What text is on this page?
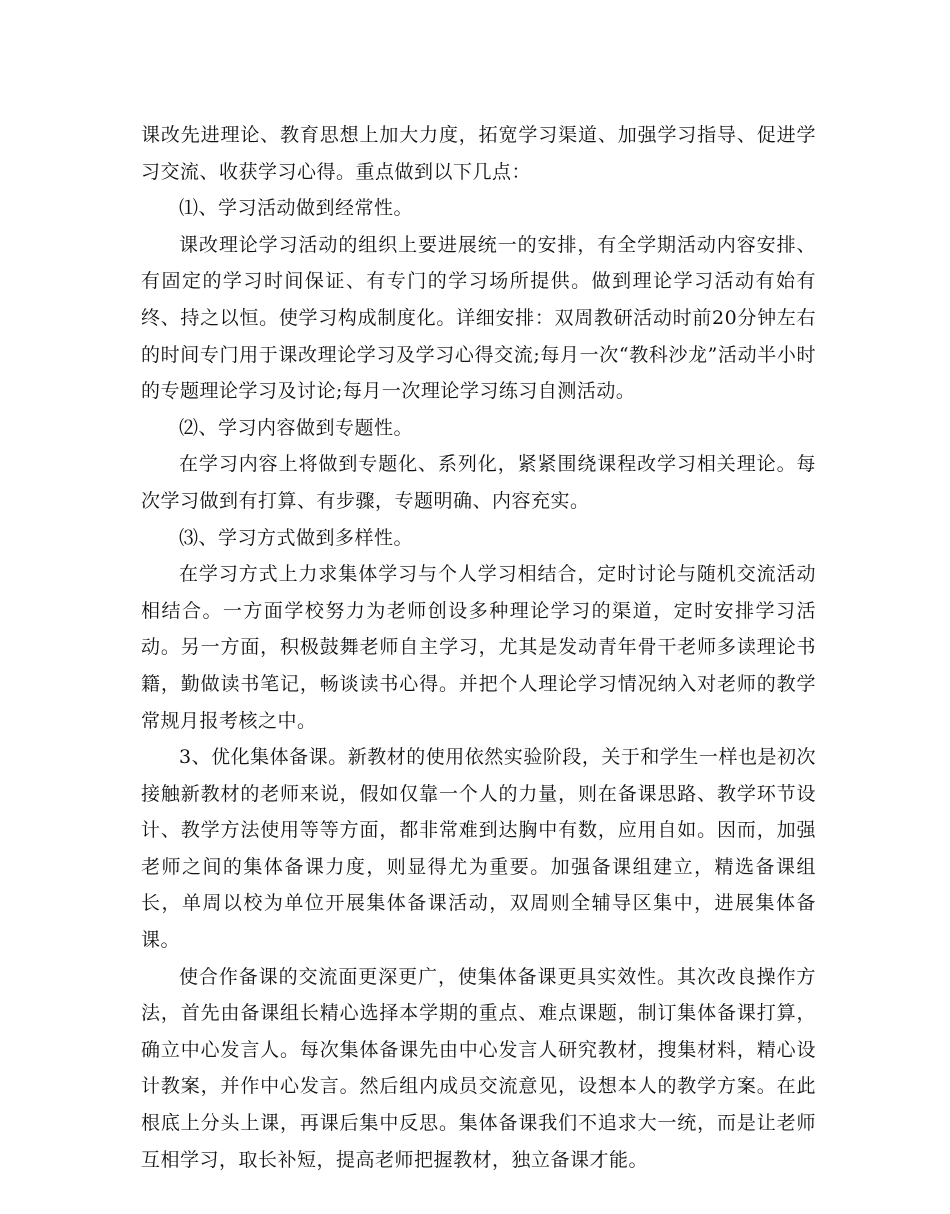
课改先进理论、教育思想上加大力度，拓宽学习渠道、加强学习指导、促进学习交流、收获学习心得。重点做到以下几点：

⑴、学习活动做到经常性。

课改理论学习活动的组织上要进展统一的安排，有全学期活动内容安排、有固定的学习时间保证、有专门的学习场所提供。做到理论学习活动有始有终、持之以恒。使学习构成制度化。详细安排：双周教研活动时前20分钟左右的时间专门用于课改理论学习及学习心得交流;每月一次“教科沙龙”活动半小时的专题理论学习及讨论;每月一次理论学习练习自测活动。

⑵、学习内容做到专题性。

在学习内容上将做到专题化、系列化，紧紧围绕课程改学习相关理论。每次学习做到有打算、有步骤，专题明确、内容充实。

⑶、学习方式做到多样性。

在学习方式上力求集体学习与个人学习相结合，定时讨论与随机交流活动相结合。一方面学校努力为老师创设多种理论学习的渠道，定时安排学习活动。另一方面，积极鼓舞老师自主学习，尤其是发动青年骨干老师多读理论书籍，勤做读书笔记，畅谈读书心得。并把个人理论学习情况纳入对老师的教学常规月报考核之中。

3、优化集体备课。新教材的使用依然实验阶段，关于和学生一样也是初次接触新教材的老师来说，假如仅靠一个人的力量，则在备课思路、教学环节设计、教学方法使用等等方面，都非常难到达胸中有数，应用自如。因而，加强老师之间的集体备课力度，则显得尤为重要。加强备课组建立，精选备课组长，单周以校为单位开展集体备课活动，双周则全辅导区集中，进展集体备课。

使合作备课的交流面更深更广，使集体备课更具实效性。其次改良操作方法，首先由备课组长精心选择本学期的重点、难点课题，制订集体备课打算，确立中心发言人。每次集体备课先由中心发言人研究教材，搜集材料，精心设计教案，并作中心发言。然后组内成员交流意见，设想本人的教学方案。在此根底上分头上课，再课后集中反思。集体备课我们不追求大一统，而是让老师互相学习，取长补短，提高老师把握教材，独立备课才能。
